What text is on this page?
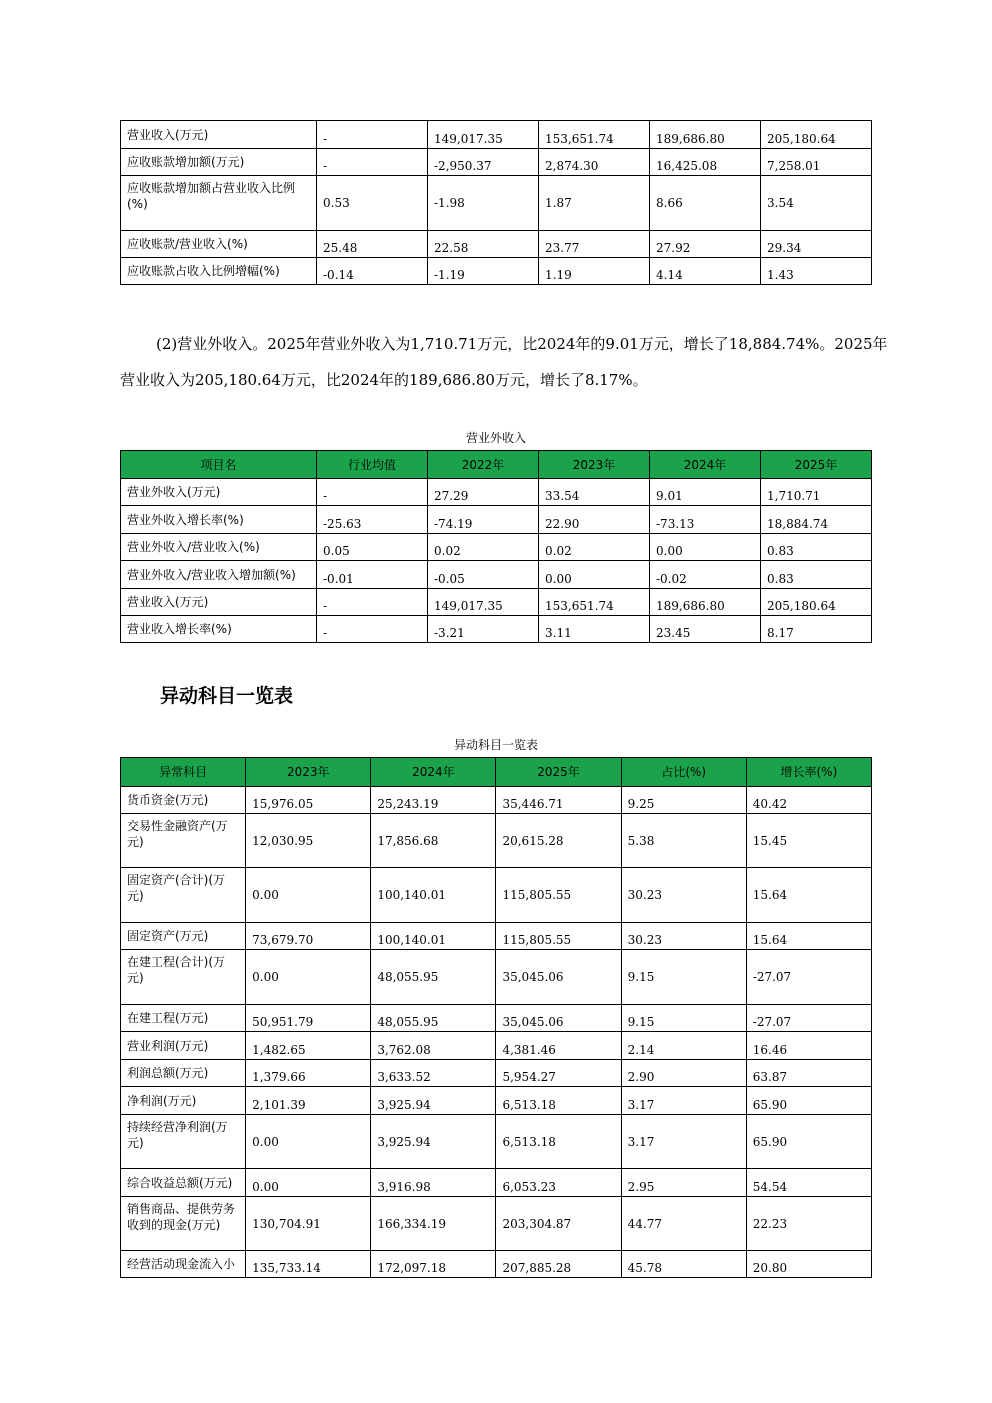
营业收入(万元)	-	149,017.35	153,651.74	189,686.80	205,180.64
应收账款增加额(万元)	-	-2,950.37	2,874.30	16,425.08	7,258.01
应收账款增加额占营业收入比例(%)	0.53	-1.98	1.87	8.66	3.54
应收账款/营业收入(%)	25.48	22.58	23.77	27.92	29.34
应收账款占收入比例增幅(%)	-0.14	-1.19	1.19	4.14	1.43
(2)营业外收入。2025年营业外收入为1,710.71万元，比2024年的9.01万元，增长了18,884.74%。2025年营业收入为205,180.64万元，比2024年的189,686.80万元，增长了8.17%。
营业外收入
项目名	行业均值	2022年	2023年	2024年	2025年
营业外收入(万元)	-	27.29	33.54	9.01	1,710.71
营业外收入增长率(%)	-25.63	-74.19	22.90	-73.13	18,884.74
营业外收入/营业收入(%)	0.05	0.02	0.02	0.00	0.83
营业外收入/营业收入增加额(%)	-0.01	-0.05	0.00	-0.02	0.83
营业收入(万元)	-	149,017.35	153,651.74	189,686.80	205,180.64
营业收入增长率(%)	-	-3.21	3.11	23.45	8.17
异动科目一览表
异动科目一览表
异常科目	2023年	2024年	2025年	占比(%)	增长率(%)
货币资金(万元)	15,976.05	25,243.19	35,446.71	9.25	40.42
交易性金融资产(万元)	12,030.95	17,856.68	20,615.28	5.38	15.45
固定资产(合计)(万元)	0.00	100,140.01	115,805.55	30.23	15.64
固定资产(万元)	73,679.70	100,140.01	115,805.55	30.23	15.64
在建工程(合计)(万元)	0.00	48,055.95	35,045.06	9.15	-27.07
在建工程(万元)	50,951.79	48,055.95	35,045.06	9.15	-27.07
营业利润(万元)	1,482.65	3,762.08	4,381.46	2.14	16.46
利润总额(万元)	1,379.66	3,633.52	5,954.27	2.90	63.87
净利润(万元)	2,101.39	3,925.94	6,513.18	3.17	65.90
持续经营净利润(万元)	0.00	3,925.94	6,513.18	3.17	65.90
综合收益总额(万元)	0.00	3,916.98	6,053.23	2.95	54.54
销售商品、提供劳务收到的现金(万元)	130,704.91	166,334.19	203,304.87	44.77	22.23
经营活动现金流入小	135,733.14	172,097.18	207,885.28	45.78	20.80
